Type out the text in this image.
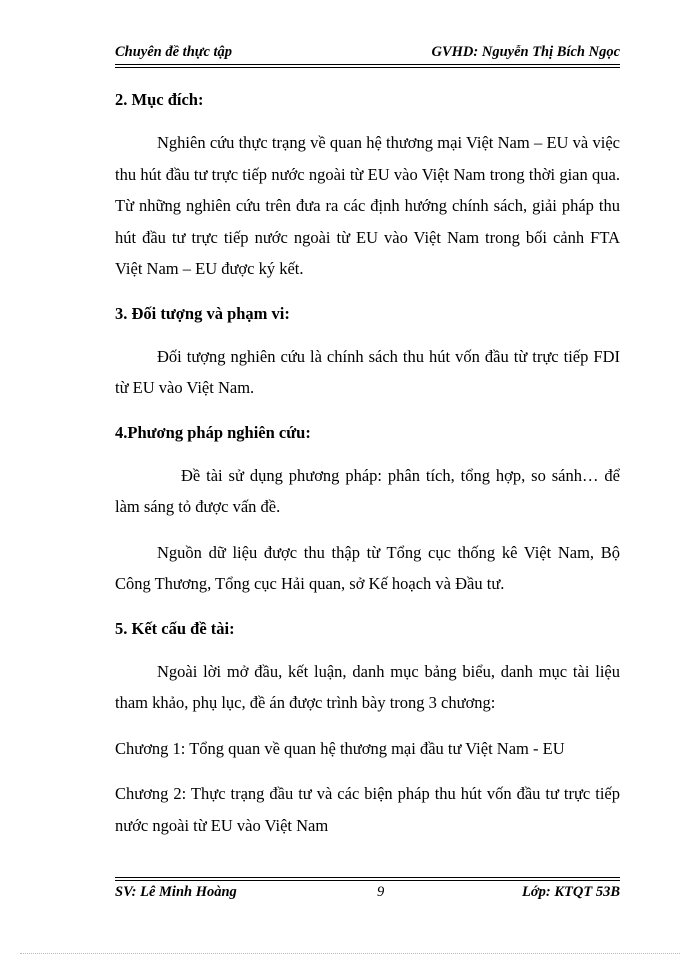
Chuyên đề thực tập	GVHD: Nguyễn Thị Bích Ngọc

2. Mục đích:

Nghiên cứu thực trạng về quan hệ thương mại Việt Nam – EU và việc thu hút đầu tư trực tiếp nước ngoài từ EU vào Việt Nam trong thời gian qua. Từ những nghiên cứu trên đưa ra các định hướng chính sách, giải pháp thu hút đầu tư trực tiếp nước ngoài từ EU vào Việt Nam trong bối cảnh FTA Việt Nam – EU được ký kết.

3. Đối tượng và phạm vi:

Đối tượng nghiên cứu là chính sách thu hút vốn đầu từ trực tiếp FDI từ EU vào Việt Nam.

4.Phương pháp nghiên cứu:

Đề tài sử dụng phương pháp: phân tích, tổng hợp, so sánh… để làm sáng tỏ được vấn đề.

Nguồn dữ liệu được thu thập từ Tổng cục thống kê Việt Nam, Bộ Công Thương, Tổng cục Hải quan, sở Kế hoạch và Đầu tư.

5. Kết cấu đề tài:

Ngoài lời mở đầu, kết luận, danh mục bảng biểu, danh mục tài liệu tham khảo, phụ lục, đề án được trình bày trong 3 chương:

Chương 1: Tổng quan về quan hệ thương mại đầu tư Việt Nam - EU

Chương 2: Thực trạng đầu tư và các biện pháp thu hút vốn đầu tư trực tiếp nước ngoài từ EU vào Việt Nam

SV: Lê Minh Hoàng	9	Lớp: KTQT 53B
